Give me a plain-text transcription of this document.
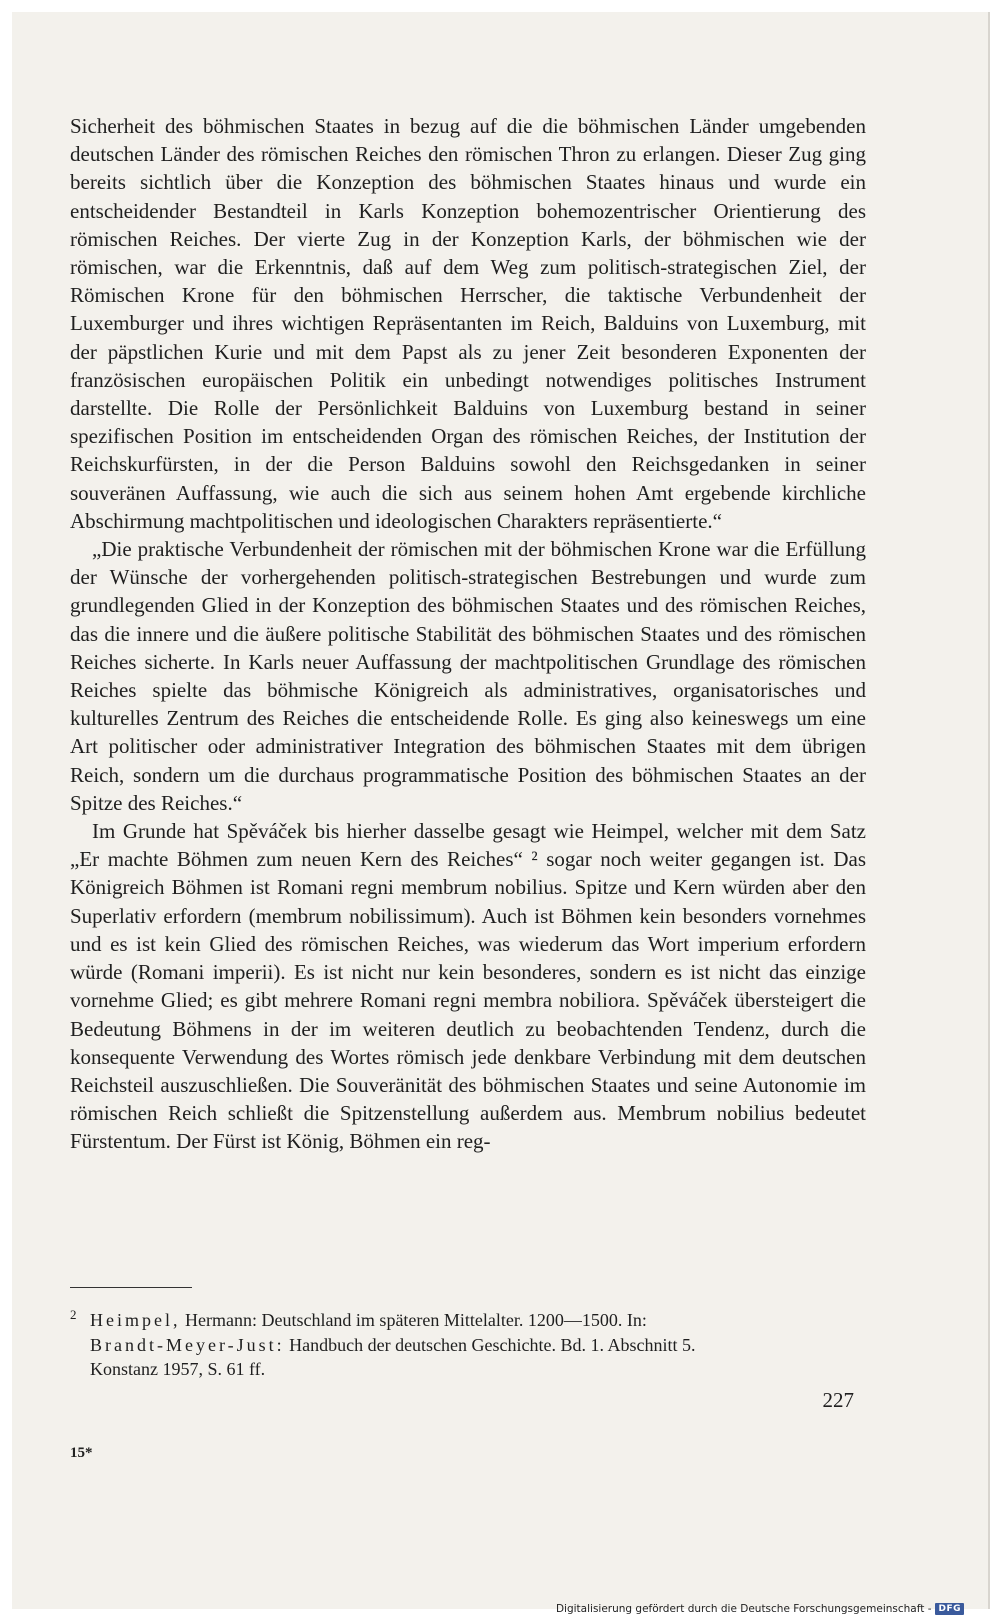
Sicherheit des böhmischen Staates in bezug auf die die böhmischen Länder umgebenden deutschen Länder des römischen Reiches den römischen Thron zu erlangen. Dieser Zug ging bereits sichtlich über die Konzeption des böhmischen Staates hinaus und wurde ein entscheidender Bestandteil in Karls Konzeption bohemozentrischer Orientierung des römischen Reiches. Der vierte Zug in der Konzeption Karls, der böhmischen wie der römischen, war die Erkenntnis, daß auf dem Weg zum politisch-strategischen Ziel, der Römischen Krone für den böhmischen Herrscher, die taktische Verbundenheit der Luxemburger und ihres wichtigen Repräsentanten im Reich, Balduins von Luxemburg, mit der päpstlichen Kurie und mit dem Papst als zu jener Zeit besonderen Exponenten der französischen europäischen Politik ein unbedingt notwendiges politisches Instrument darstellte. Die Rolle der Persönlichkeit Balduins von Luxemburg bestand in seiner spezifischen Position im entscheidenden Organ des römischen Reiches, der Institution der Reichskurfürsten, in der die Person Balduins sowohl den Reichsgedanken in seiner souveränen Auffassung, wie auch die sich aus seinem hohen Amt ergebende kirchliche Abschirmung machtpolitischen und ideologischen Charakters repräsentierte.“

„Die praktische Verbundenheit der römischen mit der böhmischen Krone war die Erfüllung der Wünsche der vorhergehenden politisch-strategischen Bestrebungen und wurde zum grundlegenden Glied in der Konzeption des böhmischen Staates und des römischen Reiches, das die innere und die äußere politische Stabilität des böhmischen Staates und des römischen Reiches sicherte. In Karls neuer Auffassung der machtpolitischen Grundlage des römischen Reiches spielte das böhmische Königreich als administratives, organisatorisches und kulturelles Zentrum des Reiches die entscheidende Rolle. Es ging also keineswegs um eine Art politischer oder administrativer Integration des böhmischen Staates mit dem übrigen Reich, sondern um die durchaus programmatische Position des böhmischen Staates an der Spitze des Reiches.“

Im Grunde hat Spěváček bis hierher dasselbe gesagt wie Heimpel, welcher mit dem Satz „Er machte Böhmen zum neuen Kern des Reiches“ ² sogar noch weiter gegangen ist. Das Königreich Böhmen ist Romani regni membrum nobilius. Spitze und Kern würden aber den Superlativ erfordern (membrum nobilissimum). Auch ist Böhmen kein besonders vornehmes und es ist kein Glied des römischen Reiches, was wiederum das Wort imperium erfordern würde (Romani imperii). Es ist nicht nur kein besonderes, sondern es ist nicht das einzige vornehme Glied; es gibt mehrere Romani regni membra nobiliora. Spěváček übersteigert die Bedeutung Böhmens in der im weiteren deutlich zu beobachtenden Tendenz, durch die konsequente Verwendung des Wortes römisch jede denkbare Verbindung mit dem deutschen Reichsteil auszuschließen. Die Souveränität des böhmischen Staates und seine Autonomie im römischen Reich schließt die Spitzenstellung außerdem aus. Membrum nobilius bedeutet Fürstentum. Der Fürst ist König, Böhmen ein reg-

2 Heimpel, Hermann: Deutschland im späteren Mittelalter. 1200—1500. In:
Brandt-Meyer-Just: Handbuch der deutschen Geschichte. Bd. 1. Abschnitt 5.
Konstanz 1957, S. 61 ff.
227
15*
Digitalisierung gefördert durch die Deutsche Forschungsgemeinschaft - DFG
